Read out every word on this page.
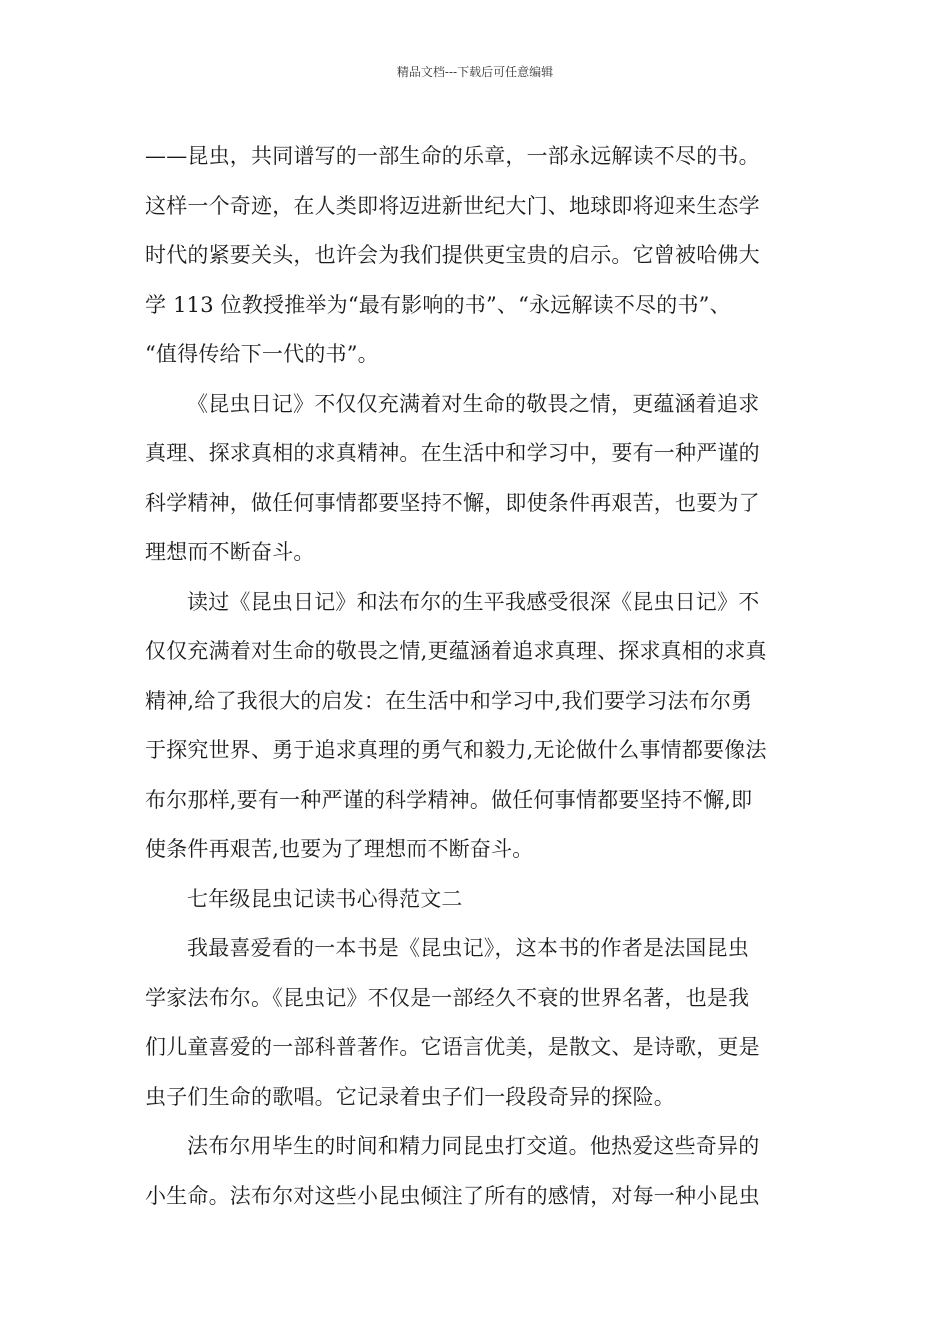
精品文档---下载后可任意编辑
——昆虫，共同谱写的一部生命的乐章，一部永远解读不尽的书。
这样一个奇迹，在人类即将迈进新世纪大门、地球即将迎来生态学
时代的紧要关头，也许会为我们提供更宝贵的启示。它曾被哈佛大
学 113 位教授推举为“最有影响的书”、“永远解读不尽的书”、
“值得传给下一代的书”。
《昆虫日记》不仅仅充满着对生命的敬畏之情，更蕴涵着追求
真理、探求真相的求真精神。在生活中和学习中，要有一种严谨的
科学精神，做任何事情都要坚持不懈，即使条件再艰苦，也要为了
理想而不断奋斗。
读过《昆虫日记》和法布尔的生平我感受很深《昆虫日记》不
仅仅充满着对生命的敬畏之情,更蕴涵着追求真理、探求真相的求真
精神,给了我很大的启发：在生活中和学习中,我们要学习法布尔勇
于探究世界、勇于追求真理的勇气和毅力,无论做什么事情都要像法
布尔那样,要有一种严谨的科学精神。做任何事情都要坚持不懈,即
使条件再艰苦,也要为了理想而不断奋斗。
七年级昆虫记读书心得范文二
我最喜爱看的一本书是《昆虫记》，这本书的作者是法国昆虫
学家法布尔。《昆虫记》不仅是一部经久不衰的世界名著，也是我
们儿童喜爱的一部科普著作。它语言优美，是散文、是诗歌，更是
虫子们生命的歌唱。它记录着虫子们一段段奇异的探险。
法布尔用毕生的时间和精力同昆虫打交道。他热爱这些奇异的
小生命。法布尔对这些小昆虫倾注了所有的感情，对每一种小昆虫
